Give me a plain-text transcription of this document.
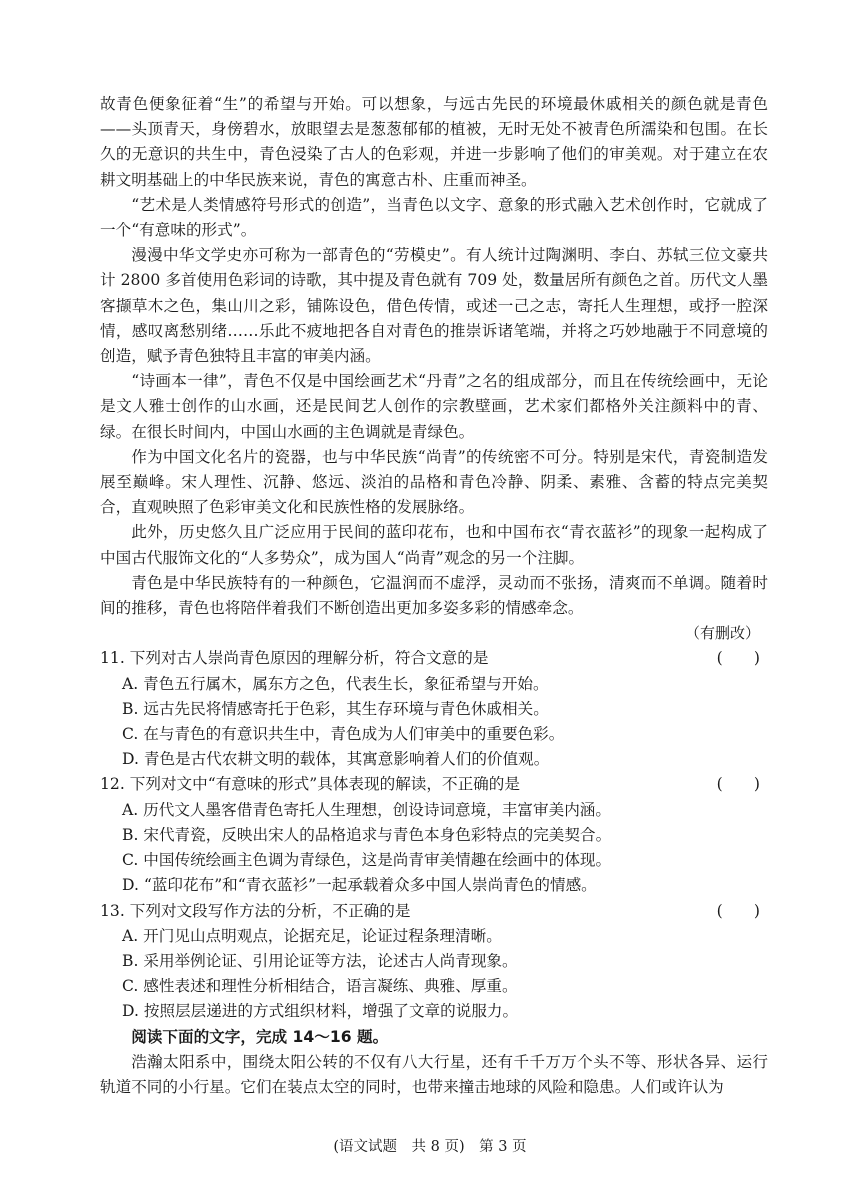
故青色便象征着“生”的希望与开始。可以想象，与远古先民的环境最休戚相关的颜色就是青色——头顶青天，身傍碧水，放眼望去是葱葱郁郁的植被，无时无处不被青色所濡染和包围。在长久的无意识的共生中，青色浸染了古人的色彩观，并进一步影响了他们的审美观。对于建立在农耕文明基础上的中华民族来说，青色的寓意古朴、庄重而神圣。

“艺术是人类情感符号形式的创造”，当青色以文字、意象的形式融入艺术创作时，它就成了一个“有意味的形式”。

漫漫中华文学史亦可称为一部青色的“劳模史”。有人统计过陶渊明、李白、苏轼三位文豪共计 2800 多首使用色彩词的诗歌，其中提及青色就有 709 处，数量居所有颜色之首。历代文人墨客撷草木之色，集山川之彩，铺陈设色，借色传情，或述一己之志，寄托人生理想，或抒一腔深情，感叹离愁别绪……乐此不疲地把各自对青色的推崇诉诸笔端，并将之巧妙地融于不同意境的创造，赋予青色独特且丰富的审美内涵。

“诗画本一律”，青色不仅是中国绘画艺术“丹青”之名的组成部分，而且在传统绘画中，无论是文人雅士创作的山水画，还是民间艺人创作的宗教壁画，艺术家们都格外关注颜料中的青、绿。在很长时间内，中国山水画的主色调就是青绿色。

作为中国文化名片的瓷器，也与中华民族“尚青”的传统密不可分。特别是宋代，青瓷制造发展至巅峰。宋人理性、沉静、悠远、淡泊的品格和青色冷静、阴柔、素雅、含蓄的特点完美契合，直观映照了色彩审美文化和民族性格的发展脉络。

此外，历史悠久且广泛应用于民间的蓝印花布，也和中国布衣“青衣蓝衫”的现象一起构成了中国古代服饰文化的“人多势众”，成为国人“尚青”观念的另一个注脚。

青色是中华民族特有的一种颜色，它温润而不虚浮，灵动而不张扬，清爽而不单调。随着时间的推移，青色也将陪伴着我们不断创造出更加多姿多彩的情感牵念。

（有删改）

11. 下列对古人崇尚青色原因的理解分析，符合文意的是	(　　)
A. 青色五行属木，属东方之色，代表生长，象征希望与开始。
B. 远古先民将情感寄托于色彩，其生存环境与青色休戚相关。
C. 在与青色的有意识共生中，青色成为人们审美中的重要色彩。
D. 青色是古代农耕文明的载体，其寓意影响着人们的价值观。
12. 下列对文中“有意味的形式”具体表现的解读，不正确的是	(　　)
A. 历代文人墨客借青色寄托人生理想，创设诗词意境，丰富审美内涵。
B. 宋代青瓷，反映出宋人的品格追求与青色本身色彩特点的完美契合。
C. 中国传统绘画主色调为青绿色，这是尚青审美情趣在绘画中的体现。
D. “蓝印花布”和“青衣蓝衫”一起承载着众多中国人崇尚青色的情感。
13. 下列对文段写作方法的分析，不正确的是	(　　)
A. 开门见山点明观点，论据充足，论证过程条理清晰。
B. 采用举例论证、引用论证等方法，论述古人尚青现象。
C. 感性表述和理性分析相结合，语言凝练、典雅、厚重。
D. 按照层层递进的方式组织材料，增强了文章的说服力。

阅读下面的文字，完成 14～16 题。

浩瀚太阳系中，围绕太阳公转的不仅有八大行星，还有千千万万个头不等、形状各异、运行轨道不同的小行星。它们在装点太空的同时，也带来撞击地球的风险和隐患。人们或许认为

(语文试题　共 8 页)　第 3 页
